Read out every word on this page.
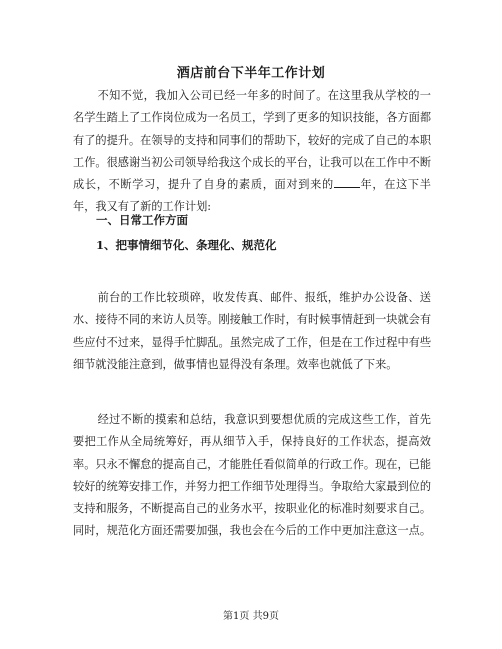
酒店前台下半年工作计划
不知不觉，我加入公司已经一年多的时间了。在这里我从学校的一名学生踏上了工作岗位成为一名员工，学到了更多的知识技能，各方面都有了的提升。在领导的支持和同事们的帮助下，较好的完成了自己的本职工作。很感谢当初公司领导给我这个成长的平台，让我可以在工作中不断成长，不断学习，提升了自身的素质，面对到来的 年，在这下半年，我又有了新的工作计划:
一、日常工作方面
1、把事情细节化、条理化、规范化
前台的工作比较琐碎，收发传真、邮件、报纸，维护办公设备、送水、接待不同的来访人员等。刚接触工作时，有时候事情赶到一块就会有些应付不过来，显得手忙脚乱。虽然完成了工作，但是在工作过程中有些细节就没能注意到，做事情也显得没有条理。效率也就低了下来。
经过不断的摸索和总结，我意识到要想优质的完成这些工作，首先要把工作从全局统筹好，再从细节入手，保持良好的工作状态，提高效率。只永不懈怠的提高自己，才能胜任看似简单的行政工作。现在，已能较好的统筹安排工作，并努力把工作细节处理得当。争取给大家最到位的支持和服务，不断提高自己的业务水平，按职业化的标准时刻要求自己。同时，规范化方面还需要加强，我也会在今后的工作中更加注意这一点。
第1页 共9页
